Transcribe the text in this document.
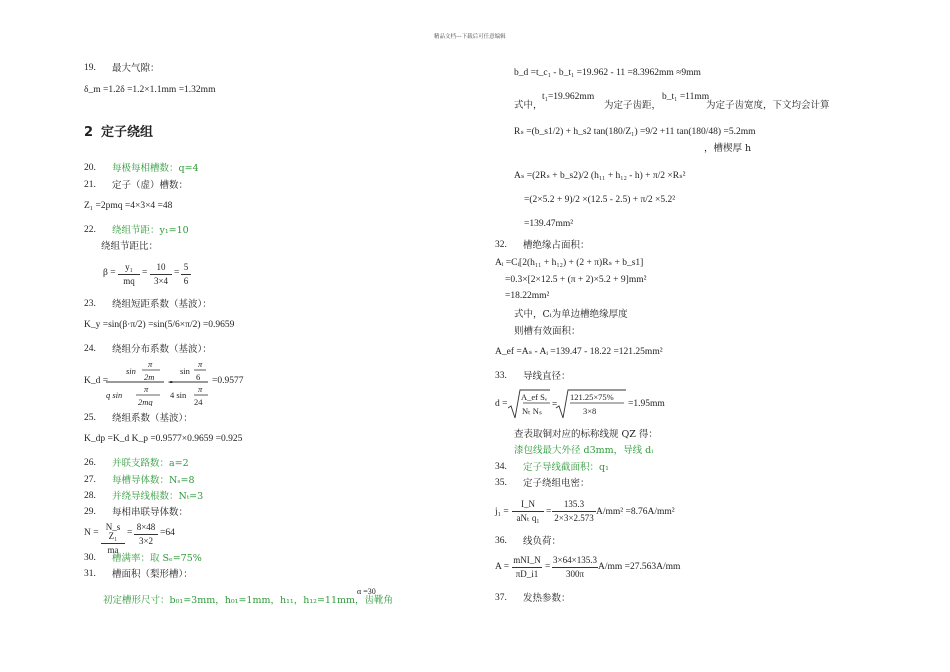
精品文档---下载后可任意编辑
19. 最大气隙：
δ_m =1.2δ =1.2×1.1mm =1.32mm
2 定子绕组
20. 每极每相槽数：q=4
21. 定子（虚）槽数：
Z₁ =2pmq =4×3×4 =48
22. 绕组节距：y₁=10
绕组节距比：
β =
y₁
mq
=
10
3×4
=
5
6
23. 绕组短距系数（基波）：
K_y =sin(β·π/2) =sin(5/6×π/2) =0.9659
24. 绕组分布系数（基波）：
K_d =
sin
π
2m
q sin
π
2mq
=
sin
π
6
4 sin
π
24
=0.9577
25. 绕组系数（基波）：
K_dp =K_d K_p =0.9577×0.9659 =0.925
26. 并联支路数：a=2
27. 每槽导体数：Nₛ=8
28. 并绕导线根数：Nₜ=3
29. 每相串联导体数：
N =
N_s Z₁
ma
=
8×48
3×2
=64
30. 槽满率：取 Sₑ=75%
31. 槽面积（梨形槽）：
初定槽形尺寸：b₀₁=3mm，h₀₁=1mm，h₁₁，h₁₂=11mm，齿靴角
α =30
b_d =t_c₁ - b_t₁ =19.962 - 11 =8.3962mm ≈9mm
式中，
t₁=19.962mm
为定子齿距，
b_t₁ =11mm
为定子齿宽度，下文均会计算
Rₛ =(b_s1/2) + h_s2 tan(180/Z₁) =9/2 +11 tan(180/48) =5.2mm
，槽楔厚 h
Aₛ =(2Rₛ + b_s2)/2 (h₁₁ + h₁₂ - h) + π/2 ×Rₛ²
=(2×5.2 + 9)/2 ×(12.5 - 2.5) + π/2 ×5.2²
=139.47mm²
32. 槽绝缘占面积：
Aᵢ =Cᵢ[2(h₁₁ + h₁₂) + (2 + π)Rₛ + b_s1]
=0.3×[2×12.5 + (π + 2)×5.2 + 9]mm²
=18.22mm²
式中，Cᵢ为单边槽绝缘厚度
则槽有效面积：
A_ef =Aₛ - Aᵢ =139.47 - 18.22 =121.25mm²
33. 导线直径：
d =	=
A_ef Sₑ
Nₜ Nₛ
121.25×75%
3×8
=1.95mm
查表取铜对应的标称线规 QZ 得：
漆包线最大外径 d3mm，导线 dᵢ
34. 定子导线截面积：q₁
35. 定子绕组电密：
j₁ =
I_N
aNₜ q₁
=
135.3
2×3×2.573
A/mm² =8.76A/mm²
36. 线负荷：
A =
mNI_N
πD_i1
=
3×64×135.3
300π
A/mm =27.563A/mm
37. 发热参数：
